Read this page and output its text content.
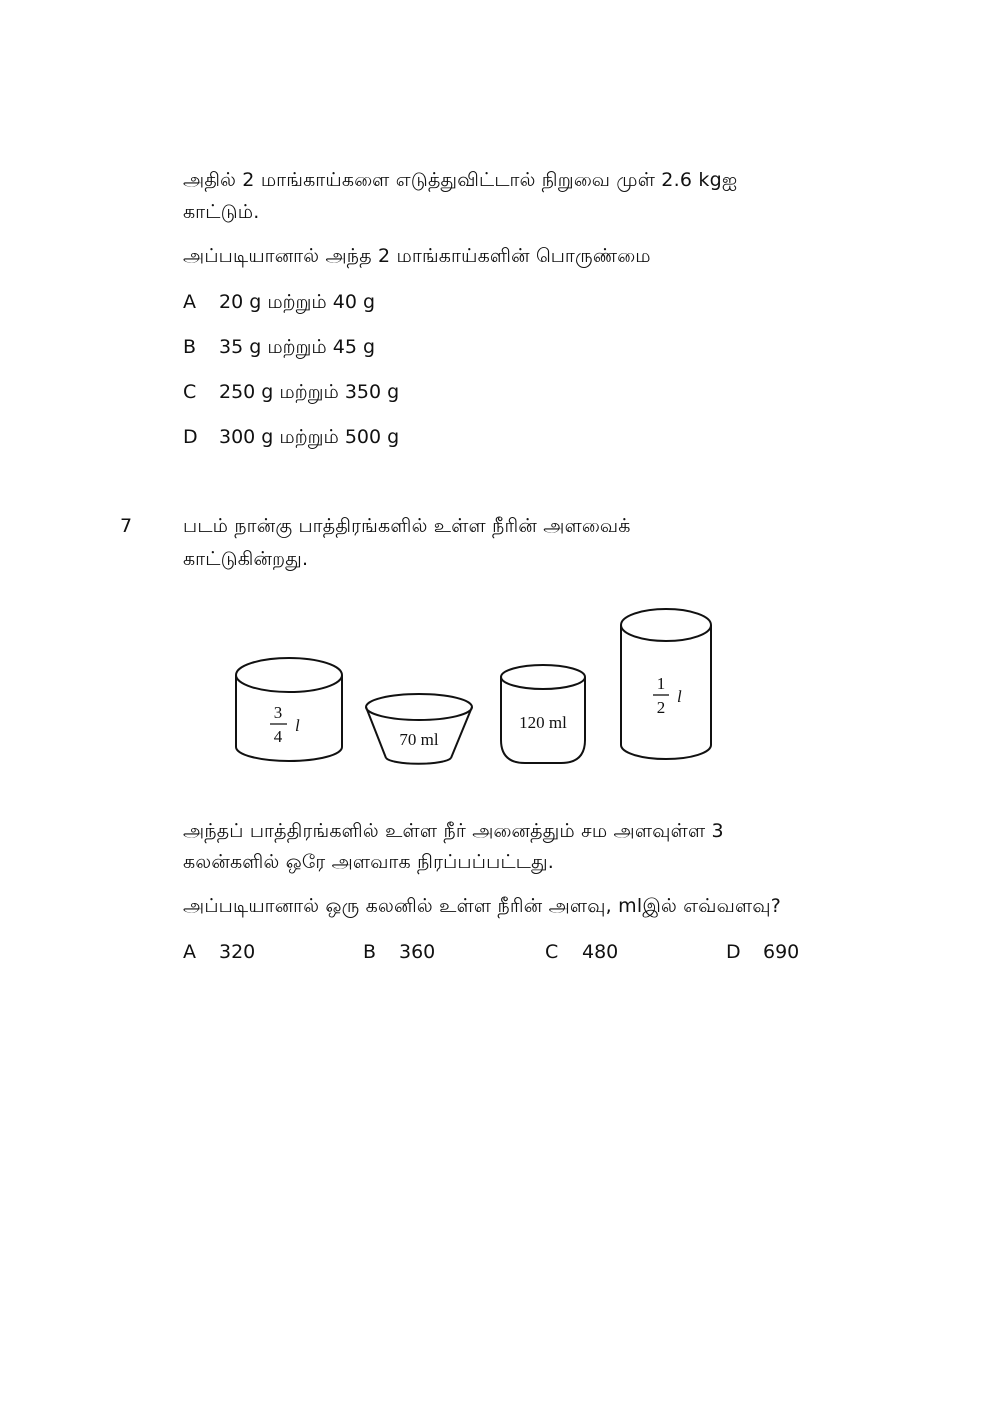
அதில் 2 மாங்காய்களை எடுத்துவிட்டால் நிறுவை முள் 2.6 kgஐ
காட்டும்.
அப்படியானால் அந்த 2 மாங்காய்களின் பொருண்மை
A 20 g மற்றும் 40 g
B 35 g மற்றும் 45 g
C 250 g மற்றும் 350 g
D 300 g மற்றும் 500 g
7	படம் நான்கு பாத்திரங்களில் உள்ள நீரின் அளவைக்
காட்டுகின்றது.
3
4
l
70 ml
120 ml
1
2
l
அந்தப் பாத்திரங்களில் உள்ள நீர் அனைத்தும் சம அளவுள்ள 3
கலன்களில் ஒரே அளவாக நிரப்பப்பட்டது.
அப்படியானால் ஒரு கலனில் உள்ள நீரின் அளவு, mlஇல் எவ்வளவு?
A 320	B 360	C 480	D 690
